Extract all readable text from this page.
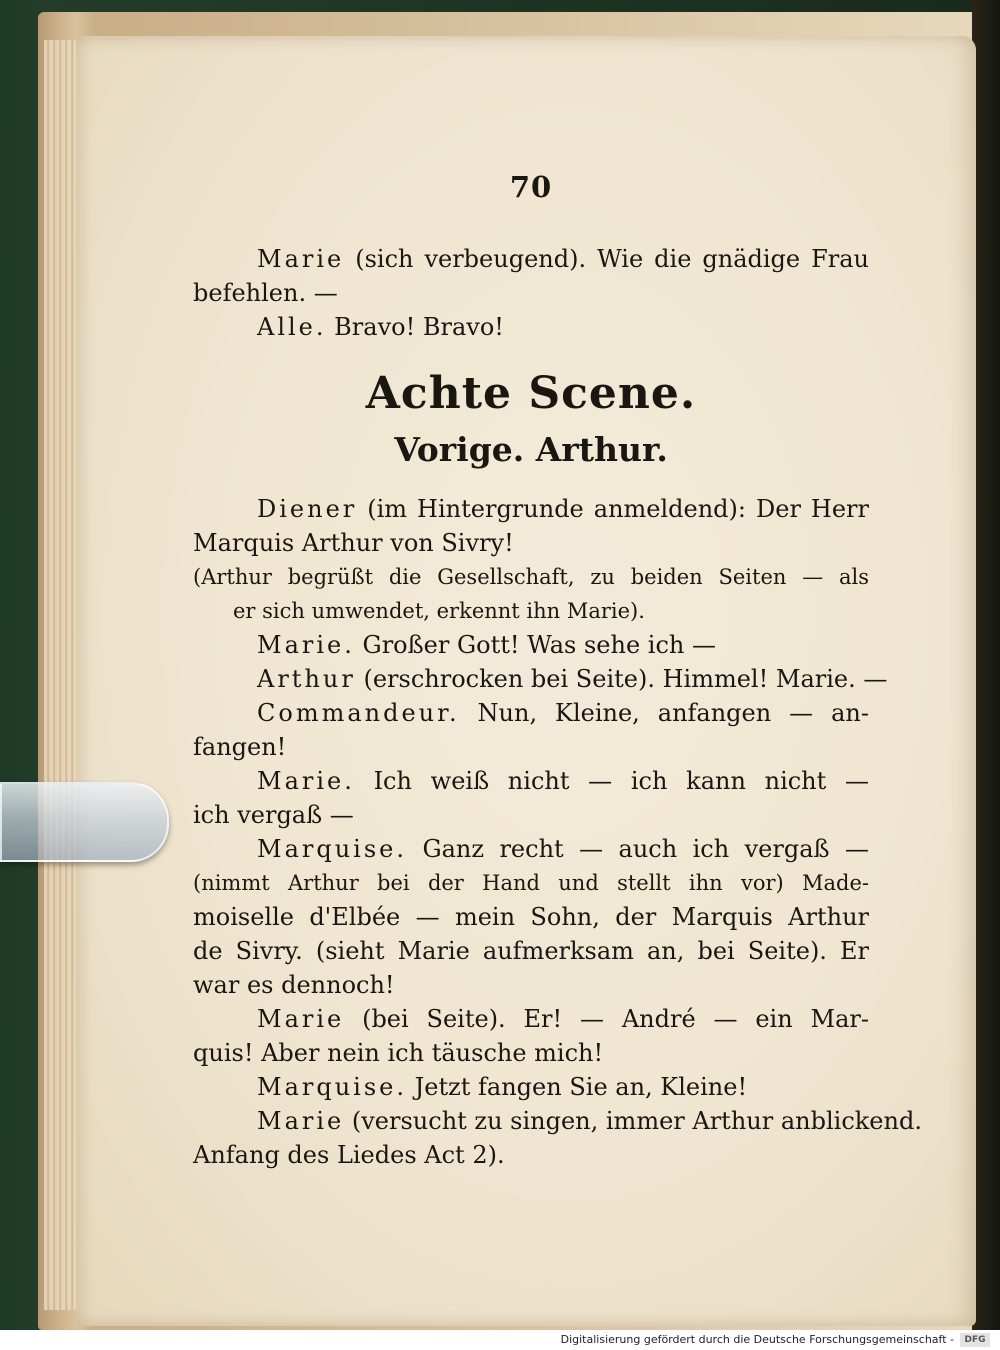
70
Marie (sich verbeugend). Wie die gnädige Frau
befehlen. —
Alle. Bravo! Bravo!
Achte Scene.
Vorige. Arthur.
Diener (im Hintergrunde anmeldend): Der Herr
Marquis Arthur von Sivry!
(Arthur begrüßt die Gesellschaft, zu beiden Seiten — als
er sich umwendet, erkennt ihn Marie).
Marie. Großer Gott! Was sehe ich —
Arthur (erschrocken bei Seite). Himmel! Marie. —
Commandeur. Nun, Kleine, anfangen — an-
fangen!
Marie. Ich weiß nicht — ich kann nicht —
ich vergaß —
Marquise. Ganz recht — auch ich vergaß —
(nimmt Arthur bei der Hand und stellt ihn vor) Made-
moiselle d'Elbée — mein Sohn, der Marquis Arthur
de Sivry. (sieht Marie aufmerksam an, bei Seite). Er
war es dennoch!
Marie (bei Seite). Er! — André — ein Mar-
quis! Aber nein ich täusche mich!
Marquise. Jetzt fangen Sie an, Kleine!
Marie (versucht zu singen, immer Arthur anblickend.
Anfang des Liedes Act 2).
Digitalisierung gefördert durch die Deutsche Forschungsgemeinschaft -	DFG
